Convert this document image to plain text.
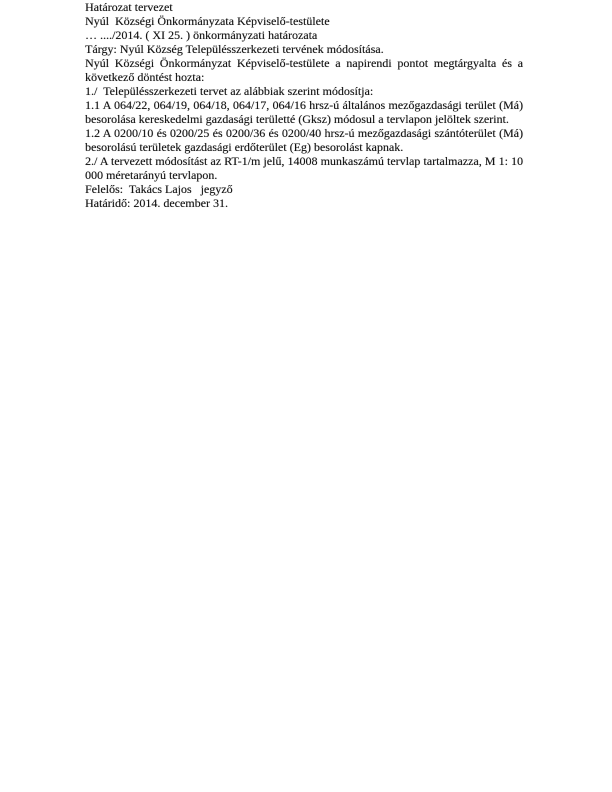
Határozat tervezet

Nyúl  Községi Önkormányzata Képviselő-testülete

… ..../2014. ( XI 25. ) önkormányzati határozata

Tárgy: Nyúl Község Településszerkezeti tervének módosítása.

Nyúl Községi Önkormányzat Képviselő-testülete a napirendi pontot megtárgyalta és a következő döntést hozta:

1./  Településszerkezeti tervet az alábbiak szerint módosítja:

1.1 A 064/22, 064/19, 064/18, 064/17, 064/16 hrsz-ú általános mezőgazdasági terület (Má) besorolása kereskedelmi gazdasági területté (Gksz) módosul a tervlapon jelöltek szerint.

1.2 A 0200/10 és 0200/25 és 0200/36 és 0200/40 hrsz-ú mezőgazdasági szántóterület (Má) besorolású területek gazdasági erdőterület (Eg) besorolást kapnak.

2./ A tervezett módosítást az RT-1/m jelű, 14008 munkaszámú tervlap tartalmazza, M 1: 10 000 méretarányú tervlapon.

Felelős:  Takács Lajos   jegyző

Határidő: 2014. december 31.
